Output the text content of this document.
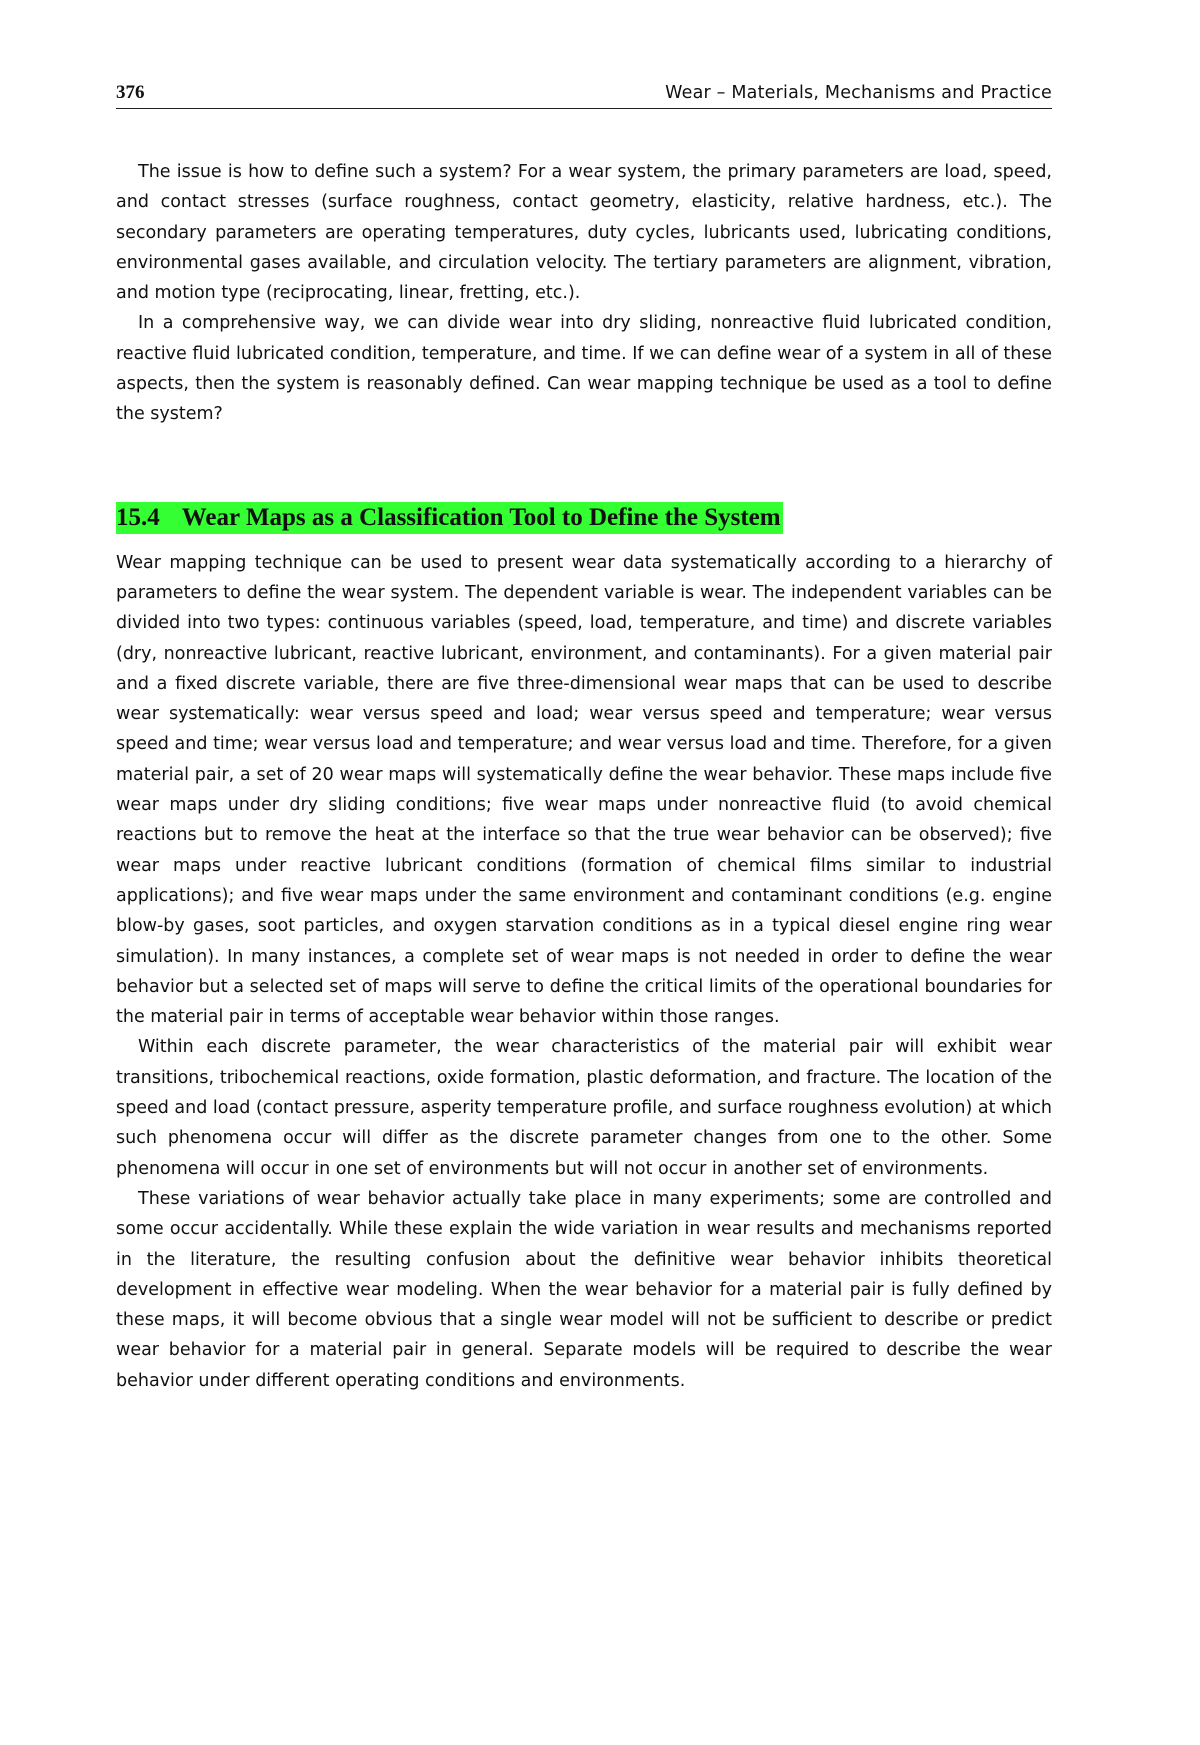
376	Wear – Materials, Mechanisms and Practice

The issue is how to define such a system? For a wear system, the primary parameters are load, speed, and contact stresses (surface roughness, contact geometry, elasticity, relative hardness, etc.). The secondary parameters are operating temperatures, duty cycles, lubricants used, lubricating conditions, environmental gases available, and circulation velocity. The tertiary parameters are alignment, vibration, and motion type (reciprocating, linear, fretting, etc.).

In a comprehensive way, we can divide wear into dry sliding, nonreactive fluid lubricated condition, reactive fluid lubricated condition, temperature, and time. If we can define wear of a system in all of these aspects, then the system is reasonably defined. Can wear mapping technique be used as a tool to define the system?

15.4 Wear Maps as a Classification Tool to Define the System

Wear mapping technique can be used to present wear data systematically according to a hierarchy of parameters to define the wear system. The dependent variable is wear. The independent variables can be divided into two types: continuous variables (speed, load, temperature, and time) and discrete variables (dry, nonreactive lubricant, reactive lubricant, environment, and contaminants). For a given material pair and a fixed discrete variable, there are five three-dimensional wear maps that can be used to describe wear systematically: wear versus speed and load; wear versus speed and temperature; wear versus speed and time; wear versus load and temperature; and wear versus load and time. Therefore, for a given material pair, a set of 20 wear maps will systematically define the wear behavior. These maps include five wear maps under dry sliding conditions; five wear maps under nonreactive fluid (to avoid chemical reactions but to remove the heat at the interface so that the true wear behavior can be observed); five wear maps under reactive lubricant conditions (formation of chemical films similar to industrial applications); and five wear maps under the same environment and contaminant conditions (e.g. engine blow-by gases, soot particles, and oxygen starvation conditions as in a typical diesel engine ring wear simulation). In many instances, a complete set of wear maps is not needed in order to define the wear behavior but a selected set of maps will serve to define the critical limits of the operational boundaries for the material pair in terms of acceptable wear behavior within those ranges.

Within each discrete parameter, the wear characteristics of the material pair will exhibit wear transitions, tribochemical reactions, oxide formation, plastic deformation, and fracture. The location of the speed and load (contact pressure, asperity temperature profile, and surface roughness evolution) at which such phenomena occur will differ as the discrete parameter changes from one to the other. Some phenomena will occur in one set of environments but will not occur in another set of environments.

These variations of wear behavior actually take place in many experiments; some are controlled and some occur accidentally. While these explain the wide variation in wear results and mechanisms reported in the literature, the resulting confusion about the definitive wear behavior inhibits theoretical development in effective wear modeling. When the wear behavior for a material pair is fully defined by these maps, it will become obvious that a single wear model will not be sufficient to describe or predict wear behavior for a material pair in general. Separate models will be required to describe the wear behavior under different operating conditions and environments.
